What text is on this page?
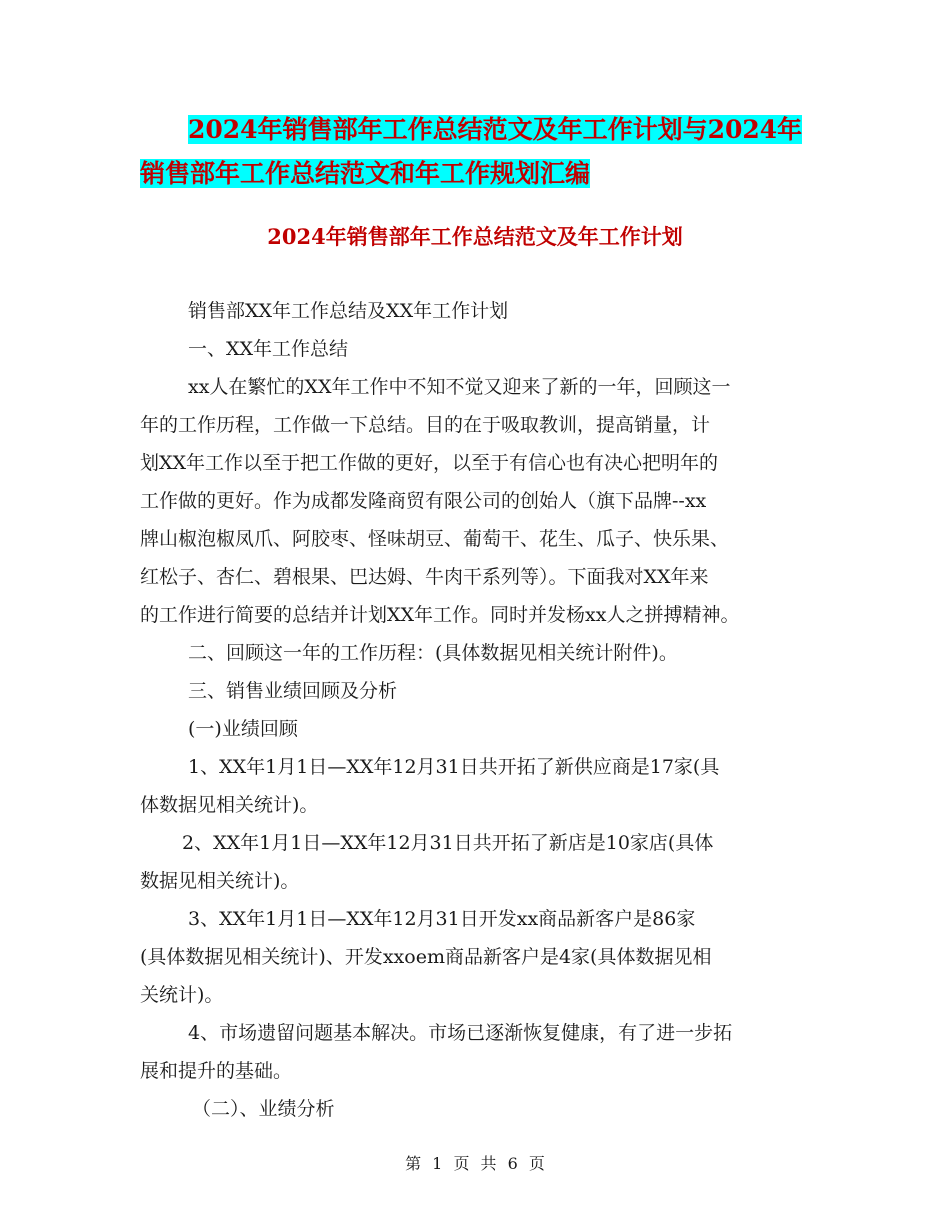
2024年销售部年工作总结范文及年工作计划与2024年
销售部年工作总结范文和年工作规划汇编
2024年销售部年工作总结范文及年工作计划

销售部XX年工作总结及XX年工作计划

一、XX年工作总结

xx人在繁忙的XX年工作中不知不觉又迎来了新的一年，回顾这一

年的工作历程，工作做一下总结。目的在于吸取教训，提高销量，计

划XX年工作以至于把工作做的更好，以至于有信心也有决心把明年的

工作做的更好。作为成都发隆商贸有限公司的创始人（旗下品牌--xx

牌山椒泡椒凤爪、阿胶枣、怪味胡豆、葡萄干、花生、瓜子、快乐果、

红松子、杏仁、碧根果、巴达姆、牛肉干系列等）。下面我对XX年来

的工作进行简要的总结并计划XX年工作。同时并发杨xx人之拼搏精神。

二、回顾这一年的工作历程：(具体数据见相关统计附件)。

三、销售业绩回顾及分析

(一)业绩回顾

1、XX年1月1日—XX年12月31日共开拓了新供应商是17家(具

体数据见相关统计)。

2、XX年1月1日—XX年12月31日共开拓了新店是10家店(具体

数据见相关统计)。

3、XX年1月1日—XX年12月31日开发xx商品新客户是86家

(具体数据见相关统计)、开发xxoem商品新客户是4家(具体数据见相

关统计)。

4、市场遗留问题基本解决。市场已逐渐恢复健康，有了进一步拓

展和提升的基础。

（二）、业绩分析

第 1 页 共 6 页
